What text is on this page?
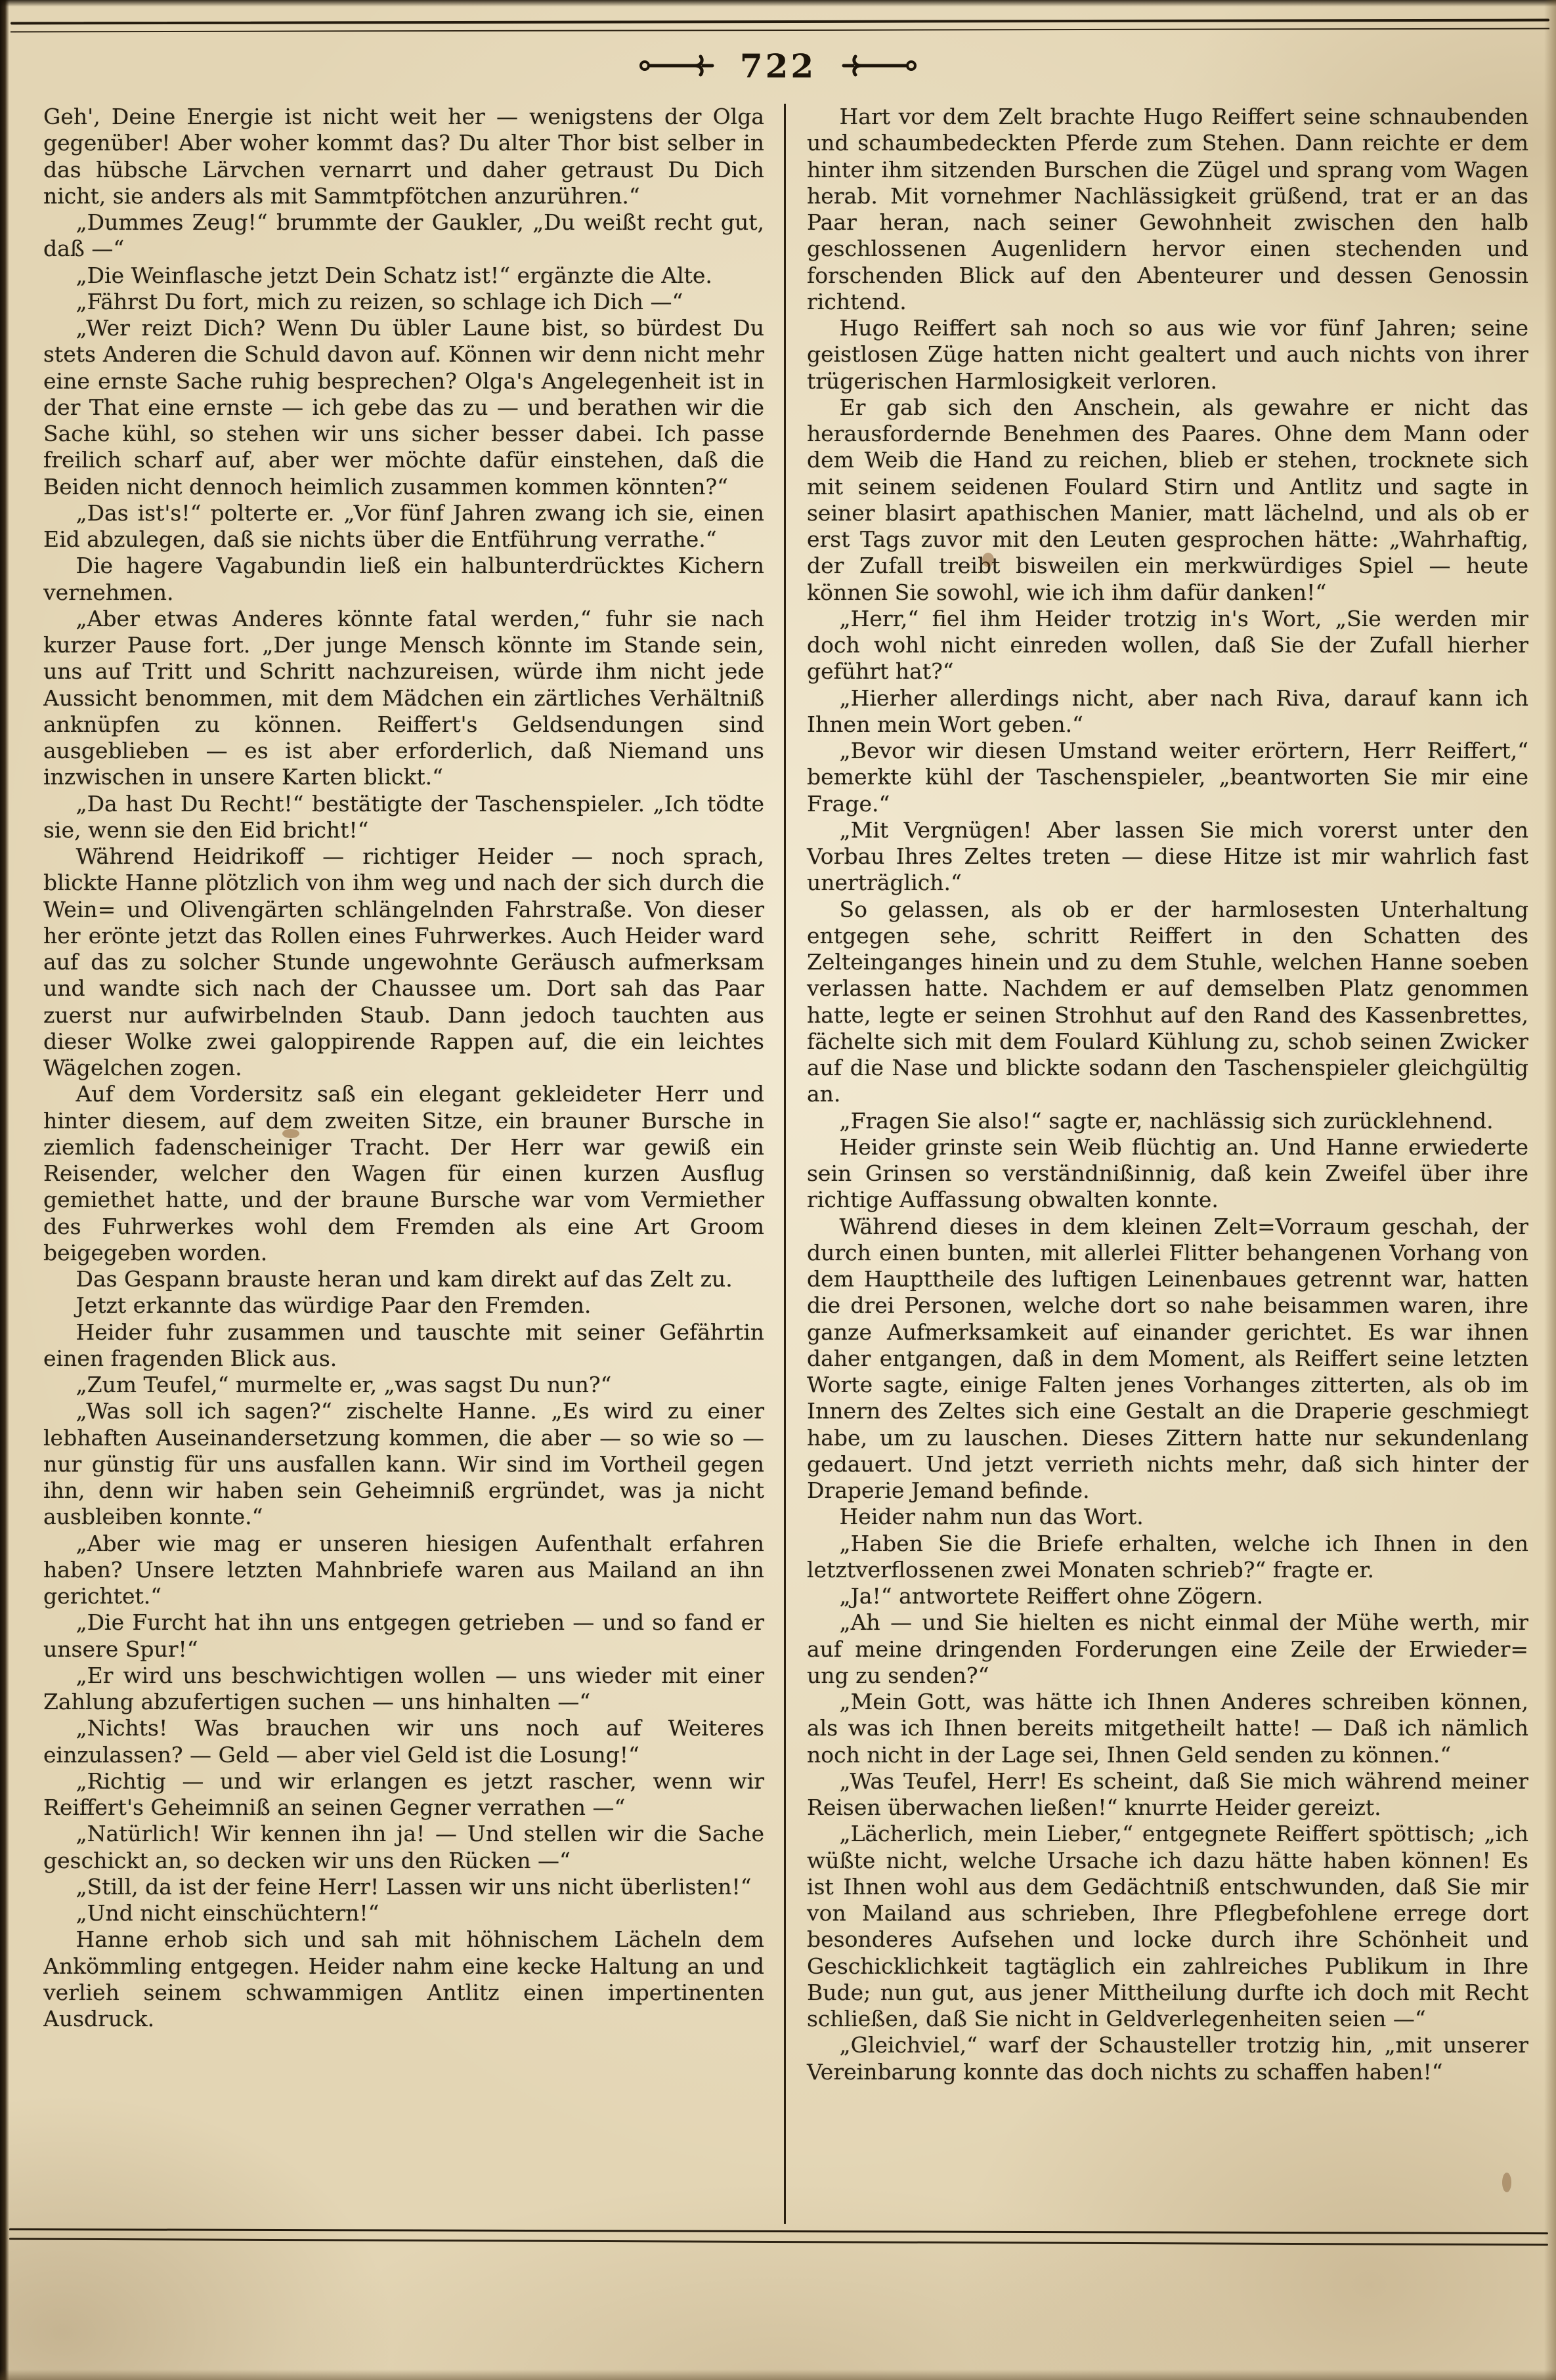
722

Geh', Deine Energie ist nicht weit her — wenigstens der Olga gegenüber! Aber woher kommt das? Du alter Thor bist selber in das hübsche Lärvchen vernarrt und daher getraust Du Dich nicht, sie anders als mit Sammtpfötchen anzurühren.“

„Dummes Zeug!“ brummte der Gaukler, „Du weißt recht gut, daß —“

„Die Weinflasche jetzt Dein Schatz ist!“ ergänzte die Alte.

„Fährst Du fort, mich zu reizen, so schlage ich Dich —“

„Wer reizt Dich? Wenn Du übler Laune bist, so bürdest Du stets Anderen die Schuld davon auf. Können wir denn nicht mehr eine ernste Sache ruhig besprechen? Olga's Angelegenheit ist in der That eine ernste — ich gebe das zu — und berathen wir die Sache kühl, so stehen wir uns sicher besser dabei. Ich passe freilich scharf auf, aber wer möchte dafür einstehen, daß die Beiden nicht dennoch heimlich zusammen kommen könnten?“

„Das ist's!“ polterte er. „Vor fünf Jahren zwang ich sie, einen Eid abzulegen, daß sie nichts über die Entführung verrathe.“

Die hagere Vagabundin ließ ein halbunterdrücktes Kichern vernehmen.

„Aber etwas Anderes könnte fatal werden,“ fuhr sie nach kurzer Pause fort. „Der junge Mensch könnte im Stande sein, uns auf Tritt und Schritt nachzureisen, würde ihm nicht jede Aussicht benommen, mit dem Mädchen ein zärtliches Verhältniß anknüpfen zu können. Reiffert's Geldsendungen sind ausgeblieben — es ist aber erforderlich, daß Niemand uns inzwischen in unsere Karten blickt.“

„Da hast Du Recht!“ bestätigte der Taschenspieler. „Ich tödte sie, wenn sie den Eid bricht!“

Während Heidrikoff — richtiger Heider — noch sprach, blickte Hanne plötzlich von ihm weg und nach der sich durch die Wein= und Olivengärten schlängelnden Fahrstraße. Von dieser her erönte jetzt das Rollen eines Fuhrwerkes. Auch Heider ward auf das zu solcher Stunde ungewohnte Geräusch aufmerksam und wandte sich nach der Chaussee um. Dort sah das Paar zuerst nur aufwirbelnden Staub. Dann jedoch tauchten aus dieser Wolke zwei galoppirende Rappen auf, die ein leichtes Wägelchen zogen.

Auf dem Vordersitz saß ein elegant gekleideter Herr und hinter diesem, auf dem zweiten Sitze, ein brauner Bursche in ziemlich fadenscheiniger Tracht. Der Herr war gewiß ein Reisender, welcher den Wagen für einen kurzen Ausflug gemiethet hatte, und der braune Bursche war vom Vermiether des Fuhrwerkes wohl dem Fremden als eine Art Groom beigegeben worden.

Das Gespann brauste heran und kam direkt auf das Zelt zu.

Jetzt erkannte das würdige Paar den Fremden.

Heider fuhr zusammen und tauschte mit seiner Gefährtin einen fragenden Blick aus.

„Zum Teufel,“ murmelte er, „was sagst Du nun?“

„Was soll ich sagen?“ zischelte Hanne. „Es wird zu einer lebhaften Auseinandersetzung kommen, die aber — so wie so — nur günstig für uns ausfallen kann. Wir sind im Vortheil gegen ihn, denn wir haben sein Geheimniß ergründet, was ja nicht ausbleiben konnte.“

„Aber wie mag er unseren hiesigen Aufenthalt erfahren haben? Unsere letzten Mahnbriefe waren aus Mailand an ihn gerichtet.“

„Die Furcht hat ihn uns entgegen getrieben — und so fand er unsere Spur!“

„Er wird uns beschwichtigen wollen — uns wieder mit einer Zahlung abzufertigen suchen — uns hinhalten —“

„Nichts! Was brauchen wir uns noch auf Weiteres einzulassen? — Geld — aber viel Geld ist die Losung!“

„Richtig — und wir erlangen es jetzt rascher, wenn wir Reiffert's Geheimniß an seinen Gegner verrathen —“

„Natürlich! Wir kennen ihn ja! — Und stellen wir die Sache geschickt an, so decken wir uns den Rücken —“

„Still, da ist der feine Herr! Lassen wir uns nicht überlisten!“

„Und nicht einschüchtern!“

Hanne erhob sich und sah mit höhnischem Lächeln dem Ankömmling entgegen. Heider nahm eine kecke Haltung an und verlieh seinem schwammigen Antlitz einen impertinenten Ausdruck.

Hart vor dem Zelt brachte Hugo Reiffert seine schnaubenden und schaumbedeckten Pferde zum Stehen. Dann reichte er dem hinter ihm sitzenden Burschen die Zügel und sprang vom Wagen herab. Mit vornehmer Nachlässigkeit grüßend, trat er an das Paar heran, nach seiner Gewohnheit zwischen den halb geschlossenen Augenlidern hervor einen stechenden und forschenden Blick auf den Abenteurer und dessen Genossin richtend.

Hugo Reiffert sah noch so aus wie vor fünf Jahren; seine geistlosen Züge hatten nicht gealtert und auch nichts von ihrer trügerischen Harmlosigkeit verloren.

Er gab sich den Anschein, als gewahre er nicht das herausfordernde Benehmen des Paares. Ohne dem Mann oder dem Weib die Hand zu reichen, blieb er stehen, trocknete sich mit seinem seidenen Foulard Stirn und Antlitz und sagte in seiner blasirt apathischen Manier, matt lächelnd, und als ob er erst Tags zuvor mit den Leuten gesprochen hätte: „Wahrhaftig, der Zufall treibt bisweilen ein merkwürdiges Spiel — heute können Sie sowohl, wie ich ihm dafür danken!“

„Herr,“ fiel ihm Heider trotzig in's Wort, „Sie werden mir doch wohl nicht einreden wollen, daß Sie der Zufall hierher geführt hat?“

„Hierher allerdings nicht, aber nach Riva, darauf kann ich Ihnen mein Wort geben.“

„Bevor wir diesen Umstand weiter erörtern, Herr Reiffert,“ bemerkte kühl der Taschenspieler, „beantworten Sie mir eine Frage.“

„Mit Vergnügen! Aber lassen Sie mich vorerst unter den Vorbau Ihres Zeltes treten — diese Hitze ist mir wahrlich fast unerträglich.“

So gelassen, als ob er der harmlosesten Unterhaltung entgegen sehe, schritt Reiffert in den Schatten des Zelteinganges hinein und zu dem Stuhle, welchen Hanne soeben verlassen hatte. Nachdem er auf demselben Platz genommen hatte, legte er seinen Strohhut auf den Rand des Kassenbrettes, fächelte sich mit dem Foulard Kühlung zu, schob seinen Zwicker auf die Nase und blickte sodann den Taschenspieler gleichgültig an.

„Fragen Sie also!“ sagte er, nachlässig sich zurücklehnend.

Heider grinste sein Weib flüchtig an. Und Hanne erwiederte sein Grinsen so verständnißinnig, daß kein Zweifel über ihre richtige Auffassung obwalten konnte.

Während dieses in dem kleinen Zelt=Vorraum geschah, der durch einen bunten, mit allerlei Flitter behangenen Vorhang von dem Haupttheile des luftigen Leinenbaues getrennt war, hatten die drei Personen, welche dort so nahe beisammen waren, ihre ganze Aufmerksamkeit auf einander gerichtet. Es war ihnen daher entgangen, daß in dem Moment, als Reiffert seine letzten Worte sagte, einige Falten jenes Vorhanges zitterten, als ob im Innern des Zeltes sich eine Gestalt an die Draperie geschmiegt habe, um zu lauschen. Dieses Zittern hatte nur sekundenlang gedauert. Und jetzt verrieth nichts mehr, daß sich hinter der Draperie Jemand befinde.

Heider nahm nun das Wort.

„Haben Sie die Briefe erhalten, welche ich Ihnen in den letztverflossenen zwei Monaten schrieb?“ fragte er.

„Ja!“ antwortete Reiffert ohne Zögern.

„Ah — und Sie hielten es nicht einmal der Mühe werth, mir auf meine dringenden Forderungen eine Zeile der Erwieder= ung zu senden?“

„Mein Gott, was hätte ich Ihnen Anderes schreiben können, als was ich Ihnen bereits mitgetheilt hatte! — Daß ich nämlich noch nicht in der Lage sei, Ihnen Geld senden zu können.“

„Was Teufel, Herr! Es scheint, daß Sie mich während meiner Reisen überwachen ließen!“ knurrte Heider gereizt.

„Lächerlich, mein Lieber,“ entgegnete Reiffert spöttisch; „ich wüßte nicht, welche Ursache ich dazu hätte haben können! Es ist Ihnen wohl aus dem Gedächtniß entschwunden, daß Sie mir von Mailand aus schrieben, Ihre Pflegbefohlene errege dort besonderes Aufsehen und locke durch ihre Schönheit und Geschicklichkeit tagtäglich ein zahlreiches Publikum in Ihre Bude; nun gut, aus jener Mittheilung durfte ich doch mit Recht schließen, daß Sie nicht in Geldverlegenheiten seien —“

„Gleichviel,“ warf der Schausteller trotzig hin, „mit unserer Vereinbarung konnte das doch nichts zu schaffen haben!“
